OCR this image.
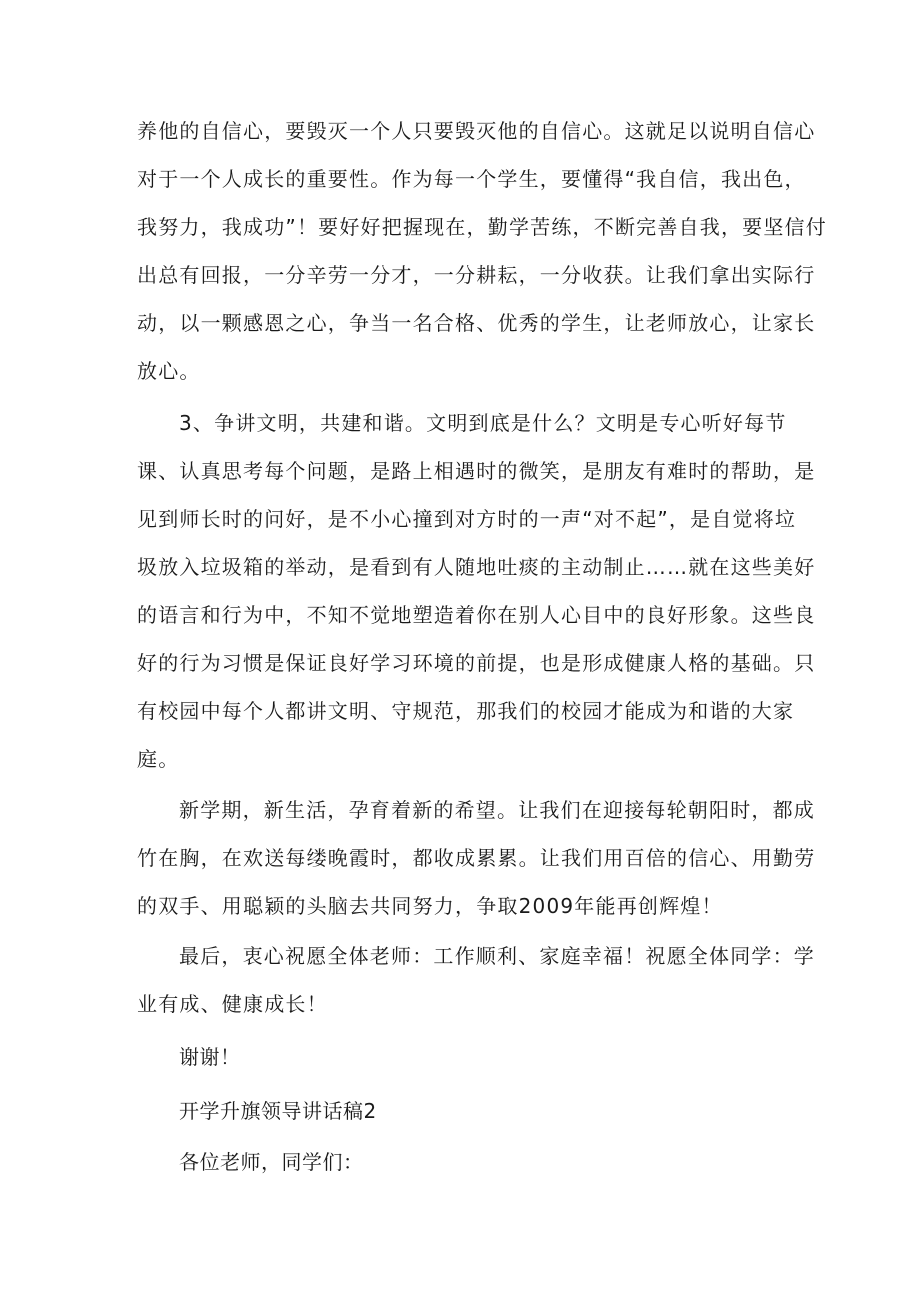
养他的自信心，要毁灭一个人只要毁灭他的自信心。这就足以说明自信心
对于一个人成长的重要性。作为每一个学生，要懂得“我自信，我出色，
我努力，我成功”！要好好把握现在，勤学苦练，不断完善自我，要坚信付
出总有回报，一分辛劳一分才，一分耕耘，一分收获。让我们拿出实际行
动，以一颗感恩之心，争当一名合格、优秀的学生，让老师放心，让家长
放心。
3、争讲文明，共建和谐。文明到底是什么？文明是专心听好每节
课、认真思考每个问题，是路上相遇时的微笑，是朋友有难时的帮助，是
见到师长时的问好，是不小心撞到对方时的一声“对不起”，是自觉将垃
圾放入垃圾箱的举动，是看到有人随地吐痰的主动制止……就在这些美好
的语言和行为中，不知不觉地塑造着你在别人心目中的良好形象。这些良
好的行为习惯是保证良好学习环境的前提，也是形成健康人格的基础。只
有校园中每个人都讲文明、守规范，那我们的校园才能成为和谐的大家
庭。
新学期，新生活，孕育着新的希望。让我们在迎接每轮朝阳时，都成
竹在胸，在欢送每缕晚霞时，都收成累累。让我们用百倍的信心、用勤劳
的双手、用聪颖的头脑去共同努力，争取2009年能再创辉煌！
最后，衷心祝愿全体老师：工作顺利、家庭幸福！祝愿全体同学：学
业有成、健康成长！
谢谢！
开学升旗领导讲话稿2
各位老师，同学们：
